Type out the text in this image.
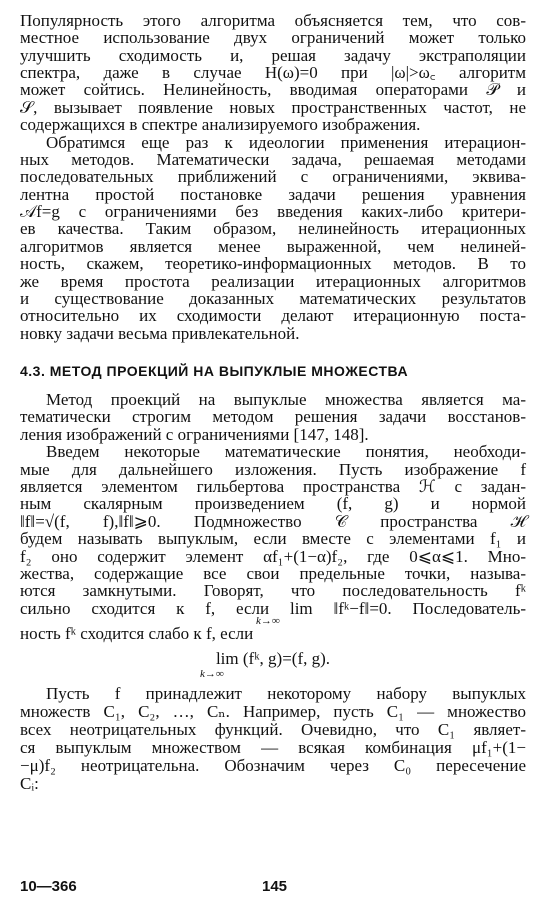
Популярность этого алгоритма объясняется тем, что сов-
местное использование двух ограничений может только
улучшить сходимость и, решая задачу экстраполяции
спектра, даже в случае H(ω)=0 при |ω|>ω꜀ алгоритм
может сойтись. Нелинейность, вводимая операторами 𝒫 и
𝒮, вызывает появление новых пространственных частот, не
содержащихся в спектре анализируемого изображения.
Обратимся еще раз к идеологии применения итерацион-
ных методов. Математически задача, решаемая методами
последовательных приближений с ограничениями, эквива-
лентна простой постановке задачи решения уравнения
𝒜f=g с ограничениями без введения каких-либо критери-
ев качества. Таким образом, нелинейность итерационных
алгоритмов является менее выраженной, чем нелиней-
ность, скажем, теоретико-информационных методов. В то
же время простота реализации итерационных алгоритмов
и существование доказанных математических результатов
относительно их сходимости делают итерационную поста-
новку задачи весьма привлекательной.
4.3. МЕТОД ПРОЕКЦИЙ НА ВЫПУКЛЫЕ МНОЖЕСТВА
Метод проекций на выпуклые множества является ма-
тематически строгим методом решения задачи восстанов-
ления изображений с ограничениями [147, 148].
Введем некоторые математические понятия, необходи-
мые для дальнейшего изложения. Пусть изображение f
является элементом гильбертова пространства ℋ с задан-
ным скалярным произведением (f, g) и нормой
‖f‖=√(f, f),‖f‖⩾0. Подмножество 𝒞 пространства ℋ
будем называть выпуклым, если вместе с элементами f₁ и
f₂ оно содержит элемент αf₁+(1−α)f₂, где 0⩽α⩽1. Мно-
жества, содержащие все свои предельные точки, называ-
ются замкнутыми. Говорят, что последовательность fᵏ
сильно сходится к f, если lim ‖fᵏ−f‖=0. Последователь-
k→∞
ность fᵏ сходится слабо к f, если
lim (fᵏ, g)=(f, g).
k→∞
Пусть f принадлежит некоторому набору выпуклых
множеств C₁, C₂, …, Cₙ. Например, пусть C₁ — множество
всех неотрицательных функций. Очевидно, что C₁ являет-
ся выпуклым множеством — всякая комбинация μf₁+(1−
−μ)f₂ неотрицательна. Обозначим через C₀ пересечение
Cᵢ:
10—366	145
